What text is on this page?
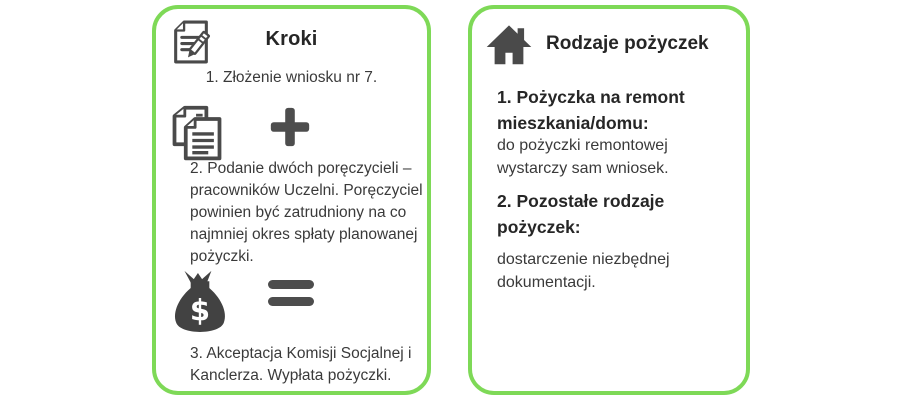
Kroki
1. Złożenie wniosku nr 7.
2. Podanie dwóch poręczycieli – pracowników Uczelni. Poręczyciel powinien być zatrudniony na co najmniej okres spłaty planowanej pożyczki.
$
3. Akceptacja Komisji Socjalnej i Kanclerza. Wypłata pożyczki.
Rodzaje pożyczek
1. Pożyczka na remont mieszkania/domu:
do pożyczki remontowej wystarczy sam wniosek.
2. Pozostałe rodzaje pożyczek:
dostarczenie niezbędnej dokumentacji.
